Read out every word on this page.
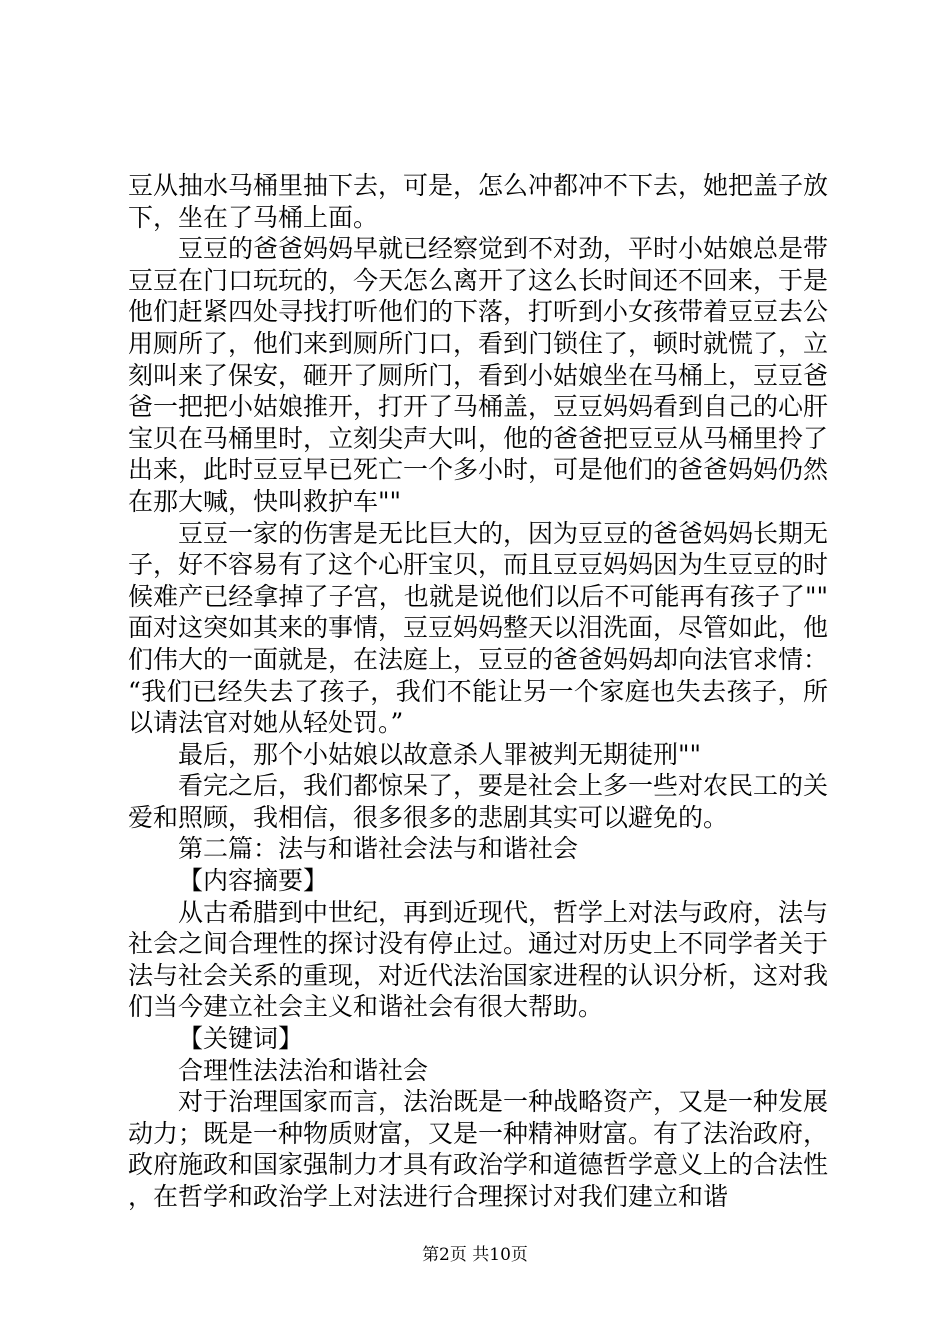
豆从抽水马桶里抽下去，可是，怎么冲都冲不下去，她把盖子放下，坐在了马桶上面。

豆豆的爸爸妈妈早就已经察觉到不对劲，平时小姑娘总是带豆豆在门口玩玩的，今天怎么离开了这么长时间还不回来，于是他们赶紧四处寻找打听他们的下落，打听到小女孩带着豆豆去公用厕所了，他们来到厕所门口，看到门锁住了，顿时就慌了，立刻叫来了保安，砸开了厕所门，看到小姑娘坐在马桶上，豆豆爸爸一把把小姑娘推开，打开了马桶盖，豆豆妈妈看到自己的心肝宝贝在马桶里时，立刻尖声大叫，他的爸爸把豆豆从马桶里拎了出来，此时豆豆早已死亡一个多小时，可是他们的爸爸妈妈仍然在那大喊，快叫救护车""

豆豆一家的伤害是无比巨大的，因为豆豆的爸爸妈妈长期无子，好不容易有了这个心肝宝贝，而且豆豆妈妈因为生豆豆的时候难产已经拿掉了子宫，也就是说他们以后不可能再有孩子了""面对这突如其来的事情，豆豆妈妈整天以泪洗面，尽管如此，他们伟大的一面就是，在法庭上，豆豆的爸爸妈妈却向法官求情：“我们已经失去了孩子，我们不能让另一个家庭也失去孩子，所以请法官对她从轻处罚。”

最后，那个小姑娘以故意杀人罪被判无期徒刑""

看完之后，我们都惊呆了，要是社会上多一些对农民工的关爱和照顾，我相信，很多很多的悲剧其实可以避免的。

第二篇：法与和谐社会法与和谐社会

【内容摘要】

从古希腊到中世纪，再到近现代，哲学上对法与政府，法与社会之间合理性的探讨没有停止过。通过对历史上不同学者关于法与社会关系的重现，对近代法治国家进程的认识分析，这对我们当今建立社会主义和谐社会有很大帮助。

【关键词】

合理性法法治和谐社会

对于治理国家而言，法治既是一种战略资产，又是一种发展动力；既是一种物质财富，又是一种精神财富。有了法治政府，政府施政和国家强制力才具有政治学和道德哲学意义上的合法性，在哲学和政治学上对法进行合理探讨对我们建立和谐

第2页 共10页
